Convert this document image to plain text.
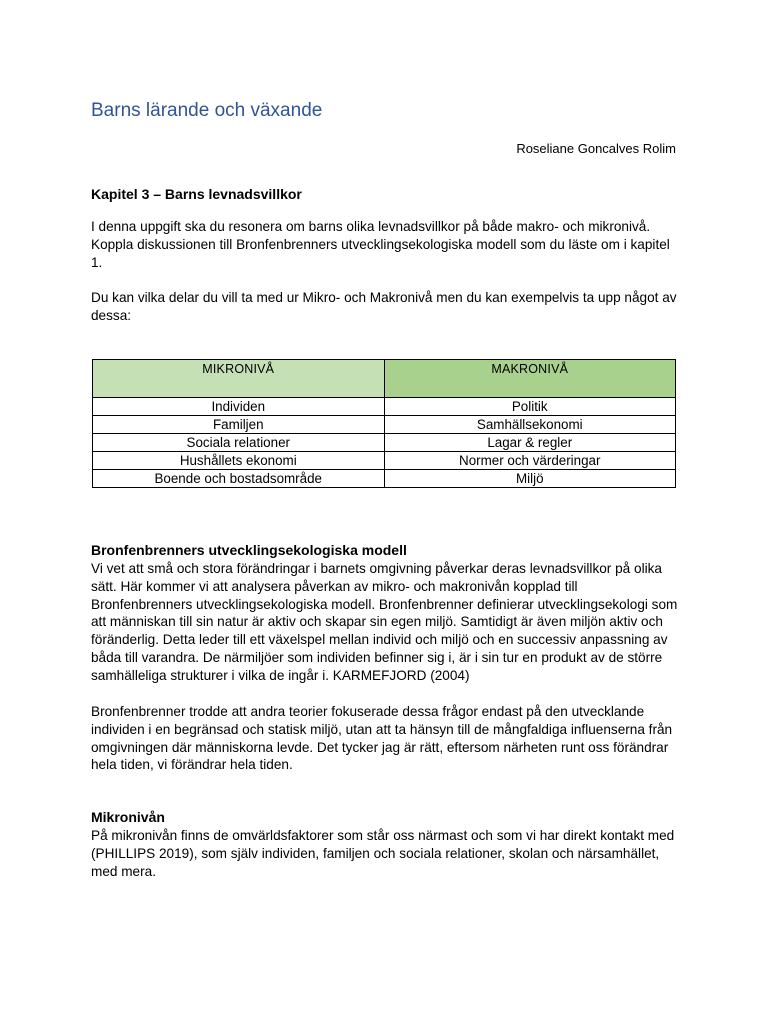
Barns lärande och växande
Roseliane Goncalves Rolim
Kapitel 3 – Barns levnadsvillkor

I denna uppgift ska du resonera om barns olika levnadsvillkor på både makro- och mikronivå. Koppla diskussionen till Bronfenbrenners utvecklingsekologiska modell som du läste om i kapitel 1.

Du kan vilka delar du vill ta med ur Mikro- och Makronivå men du kan exempelvis ta upp något av dessa:

MIKRONIVÅ	MAKRONIVÅ
Individen	Politik
Familjen	Samhällsekonomi
Sociala relationer	Lagar & regler
Hushållets ekonomi	Normer och värderingar
Boende och bostadsområde	Miljö
Bronfenbrenners utvecklingsekologiska modell

Vi vet att små och stora förändringar i barnets omgivning påverkar deras levnadsvillkor på olika sätt. Här kommer vi att analysera påverkan av mikro- och makronivån kopplad till Bronfenbrenners utvecklingsekologiska modell. Bronfenbrenner definierar utvecklingsekologi som att människan till sin natur är aktiv och skapar sin egen miljö. Samtidigt är även miljön aktiv och föränderlig. Detta leder till ett växelspel mellan individ och miljö och en successiv anpassning av båda till varandra. De närmiljöer som individen befinner sig i, är i sin tur en produkt av de större samhälleliga strukturer i vilka de ingår i. KARMEFJORD (2004)

Bronfenbrenner trodde att andra teorier fokuserade dessa frågor endast på den utvecklande individen i en begränsad och statisk miljö, utan att ta hänsyn till de mångfaldiga influenserna från omgivningen där människorna levde. Det tycker jag är rätt, eftersom närheten runt oss förändrar hela tiden, vi förändrar hela tiden.

Mikronivån

På mikronivån finns de omvärldsfaktorer som står oss närmast och som vi har direkt kontakt med (PHILLIPS 2019), som själv individen, familjen och sociala relationer, skolan och närsamhället, med mera.
